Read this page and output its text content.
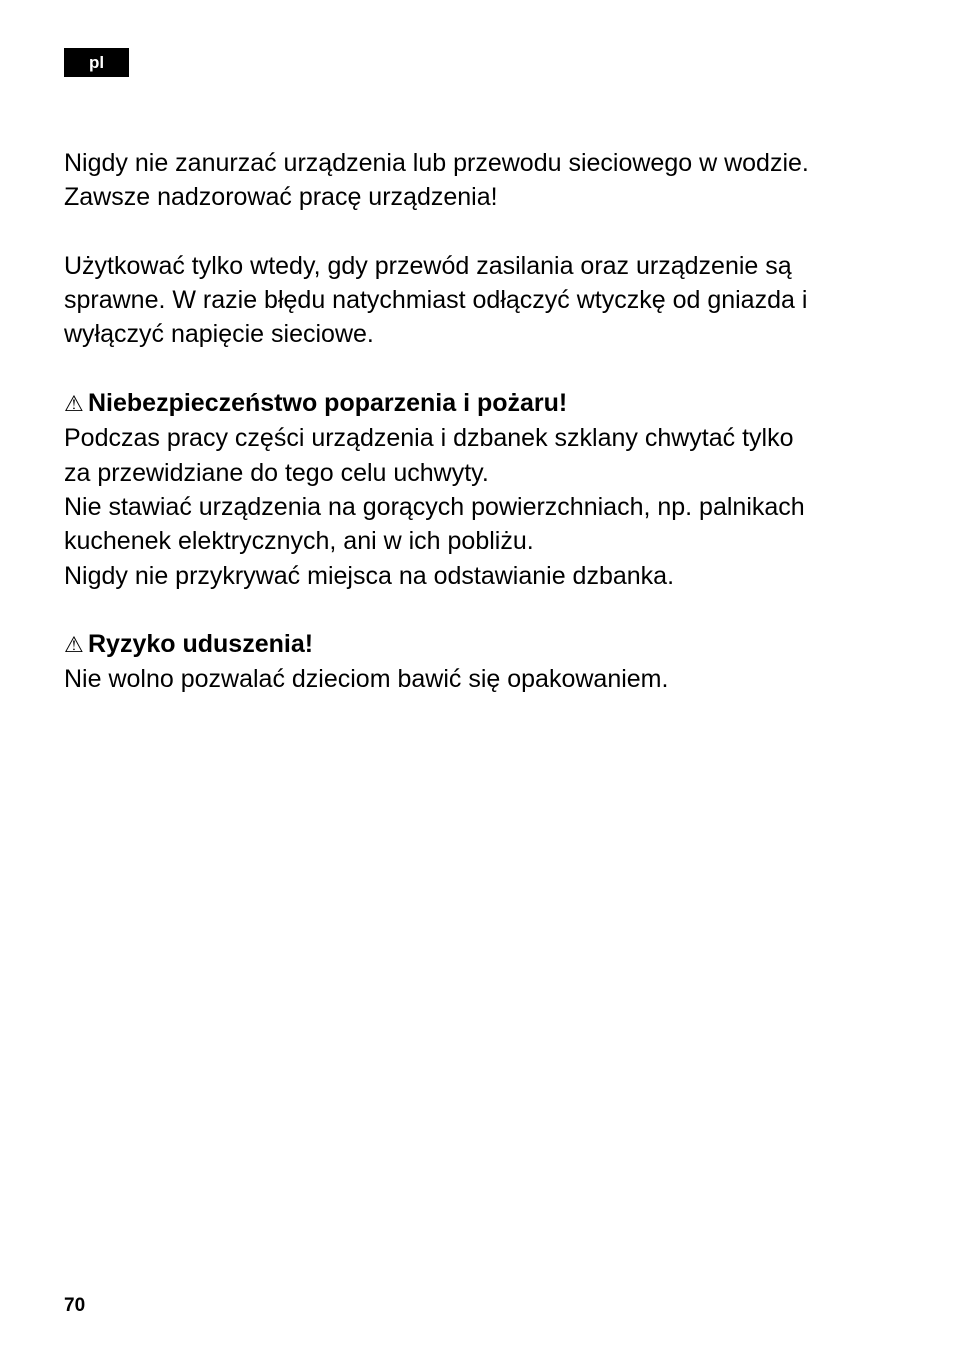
pl

Nigdy nie zanurzać urządzenia lub przewodu sieciowego w wodzie.
Zawsze nadzorować pracę urządzenia!

Użytkować tylko wtedy, gdy przewód zasilania oraz urządzenie są
sprawne. W razie błędu natychmiast odłączyć wtyczkę od gniazda i
wyłączyć napięcie sieciowe.

⚠ Niebezpieczeństwo poparzenia i pożaru!
Podczas pracy części urządzenia i dzbanek szklany chwytać tylko
za przewidziane do tego celu uchwyty.
Nie stawiać urządzenia na gorących powierzchniach, np. palnikach
kuchenek elektrycznych, ani w ich pobliżu.
Nigdy nie przykrywać miejsca na odstawianie dzbanka.

⚠ Ryzyko uduszenia!
Nie wolno pozwalać dzieciom bawić się opakowaniem.

70
